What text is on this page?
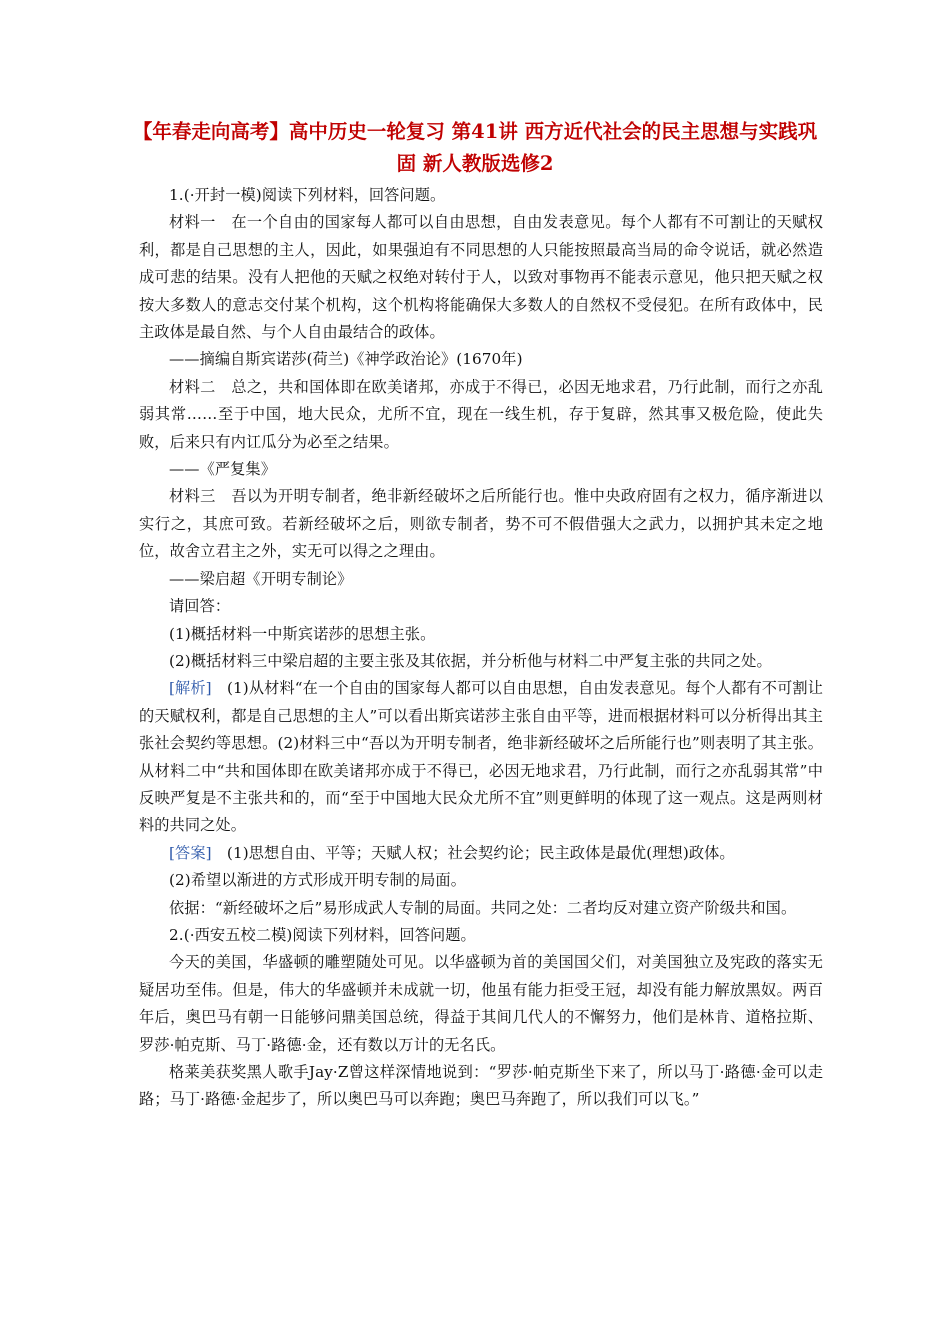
【年春走向高考】高中历史一轮复习 第41讲 西方近代社会的民主思想与实践巩固 新人教版选修2

1.(·开封一模)阅读下列材料，回答问题。

材料一　在一个自由的国家每人都可以自由思想，自由发表意见。每个人都有不可割让的天赋权利，都是自己思想的主人，因此，如果强迫有不同思想的人只能按照最高当局的命令说话，就必然造成可悲的结果。没有人把他的天赋之权绝对转付于人，以致对事物再不能表示意见，他只把天赋之权按大多数人的意志交付某个机构，这个机构将能确保大多数人的自然权不受侵犯。在所有政体中，民主政体是最自然、与个人自由最结合的政体。

——摘编自斯宾诺莎(荷兰)《神学政治论》(1670年)

材料二　总之，共和国体即在欧美诸邦，亦成于不得已，必因无地求君，乃行此制，而行之亦乱弱其常……至于中国，地大民众，尤所不宜，现在一线生机，存于复辟，然其事又极危险，使此失败，后来只有内讧瓜分为必至之结果。

——《严复集》

材料三　吾以为开明专制者，绝非新经破坏之后所能行也。惟中央政府固有之权力，循序渐进以实行之，其庶可致。若新经破坏之后，则欲专制者，势不可不假借强大之武力，以拥护其未定之地位，故舍立君主之外，实无可以得之之理由。

——梁启超《开明专制论》

请回答：

(1)概括材料一中斯宾诺莎的思想主张。

(2)概括材料三中梁启超的主要主张及其依据，并分析他与材料二中严复主张的共同之处。

[解析]　(1)从材料“在一个自由的国家每人都可以自由思想，自由发表意见。每个人都有不可割让的天赋权利，都是自己思想的主人”可以看出斯宾诺莎主张自由平等，进而根据材料可以分析得出其主张社会契约等思想。(2)材料三中“吾以为开明专制者，绝非新经破坏之后所能行也”则表明了其主张。从材料二中“共和国体即在欧美诸邦亦成于不得已，必因无地求君，乃行此制，而行之亦乱弱其常”中反映严复是不主张共和的，而“至于中国地大民众尤所不宜”则更鲜明的体现了这一观点。这是两则材料的共同之处。

[答案]　(1)思想自由、平等；天赋人权；社会契约论；民主政体是最优(理想)政体。

(2)希望以渐进的方式形成开明专制的局面。

依据：“新经破坏之后”易形成武人专制的局面。共同之处：二者均反对建立资产阶级共和国。

2.(·西安五校二模)阅读下列材料，回答问题。

今天的美国，华盛顿的雕塑随处可见。以华盛顿为首的美国国父们，对美国独立及宪政的落实无疑居功至伟。但是，伟大的华盛顿并未成就一切，他虽有能力拒受王冠，却没有能力解放黑奴。两百年后，奥巴马有朝一日能够问鼎美国总统，得益于其间几代人的不懈努力，他们是林肯、道格拉斯、罗莎·帕克斯、马丁·路德·金，还有数以万计的无名氏。

格莱美获奖黑人歌手Jay·Z曾这样深情地说到：“罗莎·帕克斯坐下来了，所以马丁·路德·金可以走路；马丁·路德·金起步了，所以奥巴马可以奔跑；奥巴马奔跑了，所以我们可以飞。”
